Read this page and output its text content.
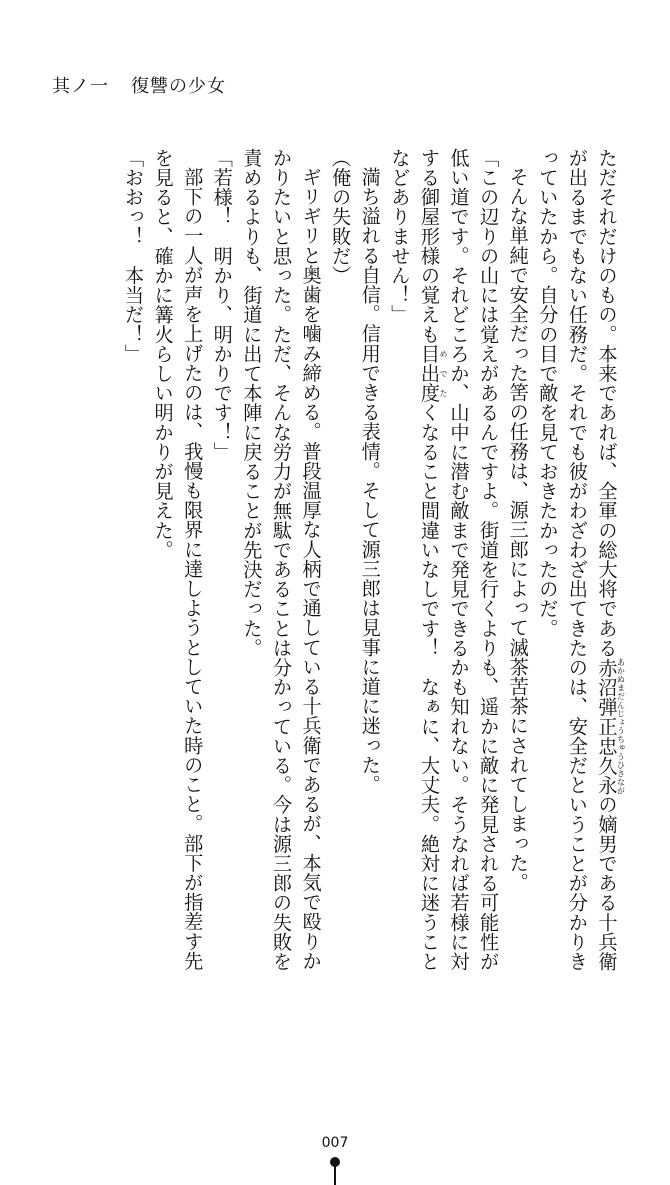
其ノ一 復讐の少女

ただそれだけのもの。本来であれば、全軍の総大将である赤沼弾正忠久永あかぬまだんじょうちゅうひさながの嫡男である十兵衛が出るまでもない任務だ。それでも彼がわざわざ出てきたのは、安全だということが分かりきっていたから。自分の目で敵を見ておきたかったのだ。

そんな単純で安全だった筈の任務は、源三郎によって滅茶苦茶にされてしまった。

「この辺りの山には覚えがあるんですよ。街道を行くよりも、遥かに敵に発見される可能性が低い道です。それどころか、山中に潜む敵まで発見できるかも知れない。そうなれば若様に対する御屋形様の覚えも目出度めでたくなること間違いなしです！　なぁに、大丈夫。絶対に迷うことなどありません！」

満ち溢れる自信。信用できる表情。そして源三郎は見事に道に迷った。

（俺の失敗だ）

ギリギリと奥歯を噛み締める。普段温厚な人柄で通している十兵衛であるが、本気で殴りかかりたいと思った。ただ、そんな労力が無駄であることは分かっている。今は源三郎の失敗を責めるよりも、街道に出て本陣に戻ることが先決だった。

「若様！　明かり、明かりです！」

部下の一人が声を上げたのは、我慢も限界に達しようとしていた時のこと。部下が指差す先を見ると、確かに篝火らしい明かりが見えた。

「おおっ！　本当だ！」

007
